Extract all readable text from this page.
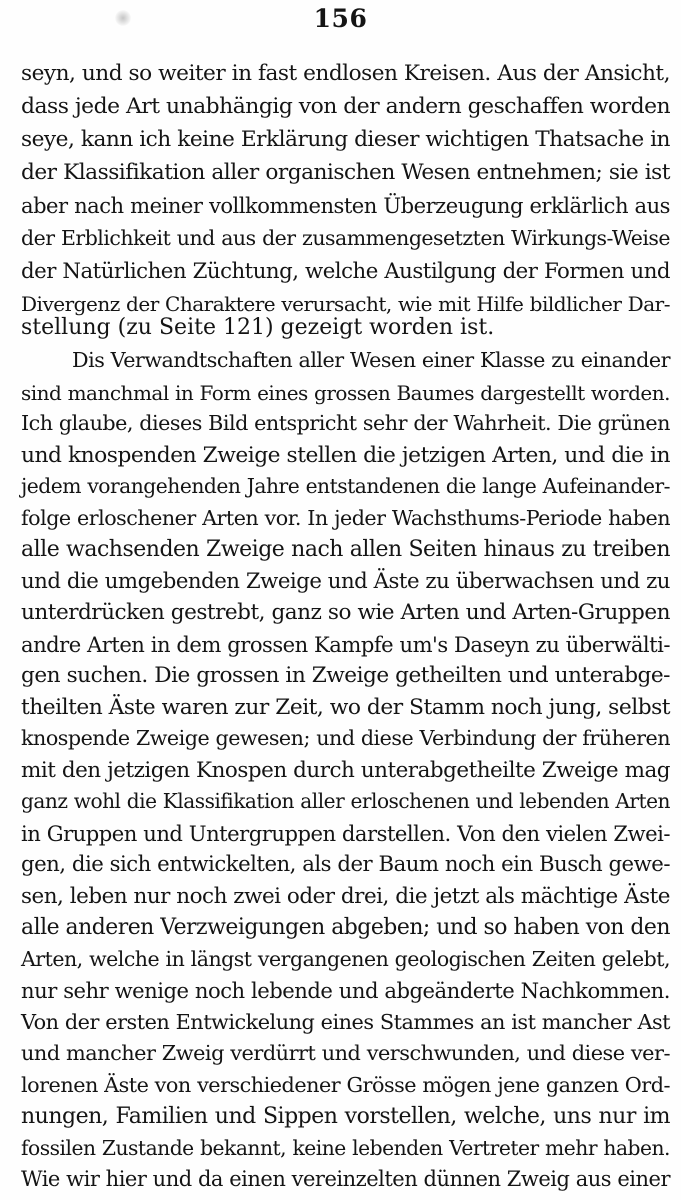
156
seyn, und so weiter in fast endlosen Kreisen. Aus der Ansicht,
dass jede Art unabhängig von der andern geschaffen worden
seye, kann ich keine Erklärung dieser wichtigen Thatsache in
der Klassifikation aller organischen Wesen entnehmen; sie ist
aber nach meiner vollkommensten Überzeugung erklärlich aus
der Erblichkeit und aus der zusammengesetzten Wirkungs-Weise
der Natürlichen Züchtung, welche Austilgung der Formen und
Divergenz der Charaktere verursacht, wie mit Hilfe bildlicher Dar-
stellung (zu Seite 121) gezeigt worden ist.
Dis Verwandtschaften aller Wesen einer Klasse zu einander
sind manchmal in Form eines grossen Baumes dargestellt worden.
Ich glaube, dieses Bild entspricht sehr der Wahrheit. Die grünen
und knospenden Zweige stellen die jetzigen Arten, und die in
jedem vorangehenden Jahre entstandenen die lange Aufeinander-
folge erloschener Arten vor. In jeder Wachsthums-Periode haben
alle wachsenden Zweige nach allen Seiten hinaus zu treiben
und die umgebenden Zweige und Äste zu überwachsen und zu
unterdrücken gestrebt, ganz so wie Arten und Arten-Gruppen
andre Arten in dem grossen Kampfe um's Daseyn zu überwälti-
gen suchen. Die grossen in Zweige getheilten und unterabge-
theilten Äste waren zur Zeit, wo der Stamm noch jung, selbst
knospende Zweige gewesen; und diese Verbindung der früheren
mit den jetzigen Knospen durch unterabgetheilte Zweige mag
ganz wohl die Klassifikation aller erloschenen und lebenden Arten
in Gruppen und Untergruppen darstellen. Von den vielen Zwei-
gen, die sich entwickelten, als der Baum noch ein Busch gewe-
sen, leben nur noch zwei oder drei, die jetzt als mächtige Äste
alle anderen Verzweigungen abgeben; und so haben von den
Arten, welche in längst vergangenen geologischen Zeiten gelebt,
nur sehr wenige noch lebende und abgeänderte Nachkommen.
Von der ersten Entwickelung eines Stammes an ist mancher Ast
und mancher Zweig verdürrt und verschwunden, und diese ver-
lorenen Äste von verschiedener Grösse mögen jene ganzen Ord-
nungen, Familien und Sippen vorstellen, welche, uns nur im
fossilen Zustande bekannt, keine lebenden Vertreter mehr haben.
Wie wir hier und da einen vereinzelten dünnen Zweig aus einer
